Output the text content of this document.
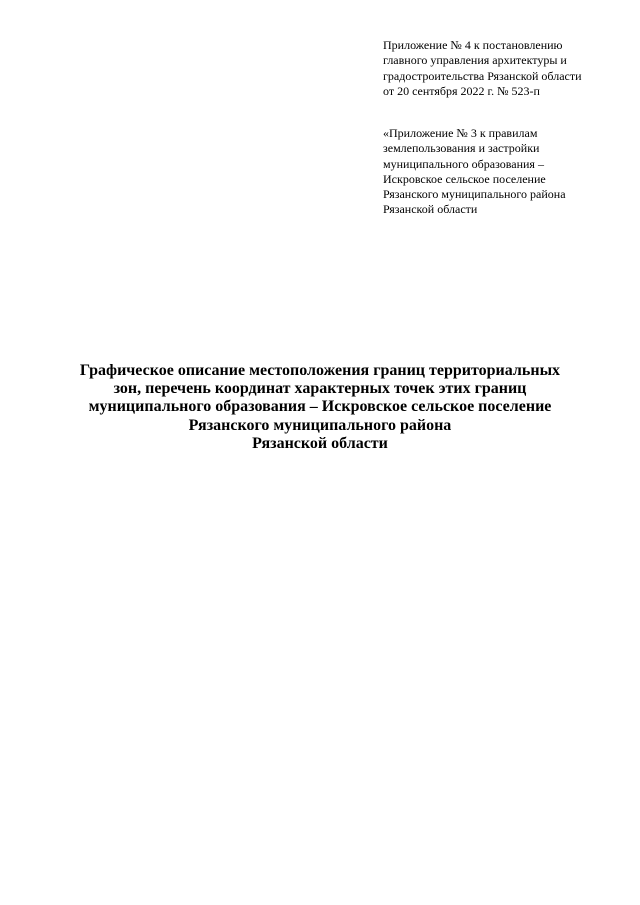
Приложение № 4 к постановлению
главного управления архитектуры и
градостроительства Рязанской области
от 20 сентября 2022 г. № 523-п
«Приложение № 3 к правилам
землепользования и застройки
муниципального образования –
Искровское сельское поселение
Рязанского муниципального района
Рязанской области
Графическое описание местоположения границ территориальных
зон, перечень координат характерных точек этих границ
муниципального образования – Искровское сельское поселение
Рязанского муниципального района
Рязанской области
